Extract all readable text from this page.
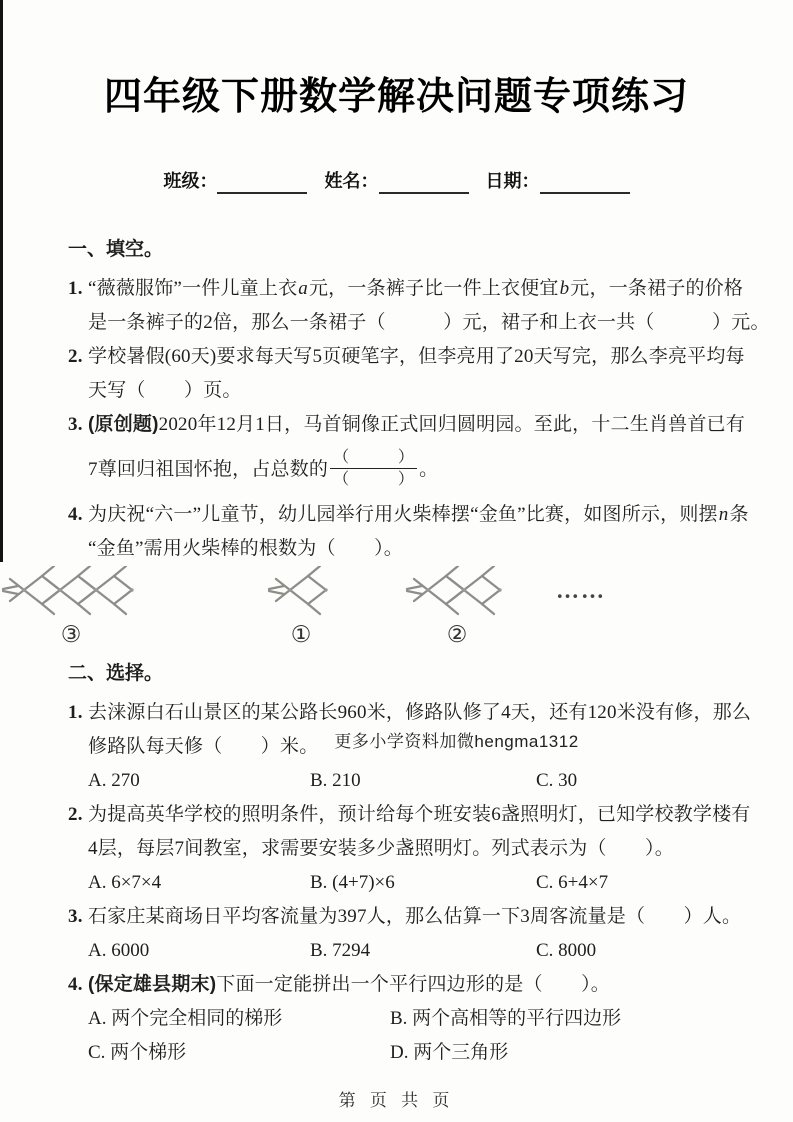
四年级下册数学解决问题专项练习
班级：	姓名：	日期：
一、填空。
1. “薇薇服饰”一件儿童上衣a元，一条裤子比一件上衣便宜b元，一条裙子的价格
是一条裤子的2倍，那么一条裙子（　　　）元，裙子和上衣一共（　　　）元。
2. 学校暑假(60天)要求每天写5页硬笔字，但李亮用了20天写完，那么李亮平均每
天写（　　）页。
3. (原创题)2020年12月1日，马首铜像正式回归圆明园。至此，十二生肖兽首已有
7尊回归祖国怀抱，占总数的 $\frac{( )}{( )}$ 。
4. 为庆祝“六一”儿童节，幼儿园举行用火柴棒摆“金鱼”比赛，如图所示，则摆n条
“金鱼”需用火柴棒的根数为（　　）。
……
①	②
③
二、选择。
1. 去涞源白石山景区的某公路长960米，修路队修了4天，还有120米没有修，那么
修路队每天修（　　）米。 更多小学资料加微hengma1312
A. 270	B. 210	C. 30
2. 为提高英华学校的照明条件，预计给每个班安装6盏照明灯，已知学校教学楼有
4层，每层7间教室，求需要安装多少盏照明灯。列式表示为（　　）。
A. 6×7×4	B. (4+7)×6	C. 6+4×7
3. 石家庄某商场日平均客流量为397人，那么估算一下3周客流量是（　　）人。
A. 6000	B. 7294	C. 8000
4. (保定雄县期末)下面一定能拼出一个平行四边形的是（　　）。
A. 两个完全相同的梯形	B. 两个高相等的平行四边形
C. 两个梯形	D. 两个三角形
第 页 共 页
